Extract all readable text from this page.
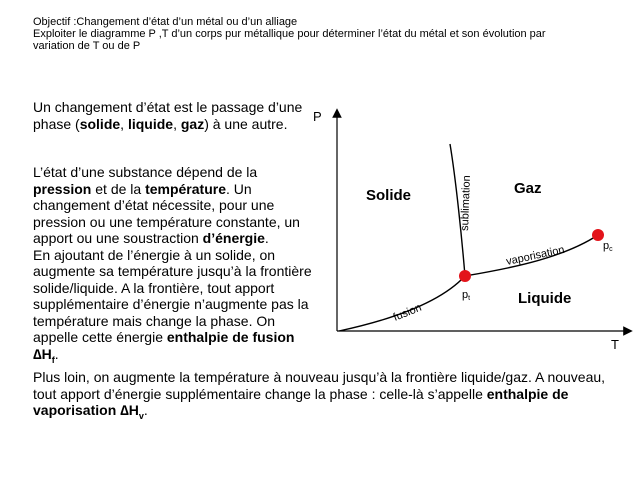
Objectif :Changement d’état d’un métal ou d’un alliage
Exploiter le diagramme P ,T d’un corps pur métallique pour déterminer l’état du métal et son évolution par
variation de T ou de P

Un changement d’état est le passage d’une phase (solide, liquide, gaz) à une autre.

L’état d’une substance dépend de la pression et de la température. Un changement d’état nécessite, pour une pression ou une température constante, un apport ou une soustraction d’énergie.

En ajoutant de l’énergie à un solide, on augmente sa température jusqu’à la frontière solide/liquide. A la frontière, tout apport supplémentaire d’énergie n’augmente pas la température mais change la phase. On appelle cette énergie enthalpie de fusion $\Delta H_f$.

Plus loin, on augmente la température à nouveau jusqu’à la frontière liquide/gaz. A nouveau, tout apport d’énergie supplémentaire change la phase : celle-là s’appelle enthalpie de vaporisation $\Delta H_v$.

P
T
fusion
sublimation
vaporisation
Solide	Gaz
Liquide
pt
pc
